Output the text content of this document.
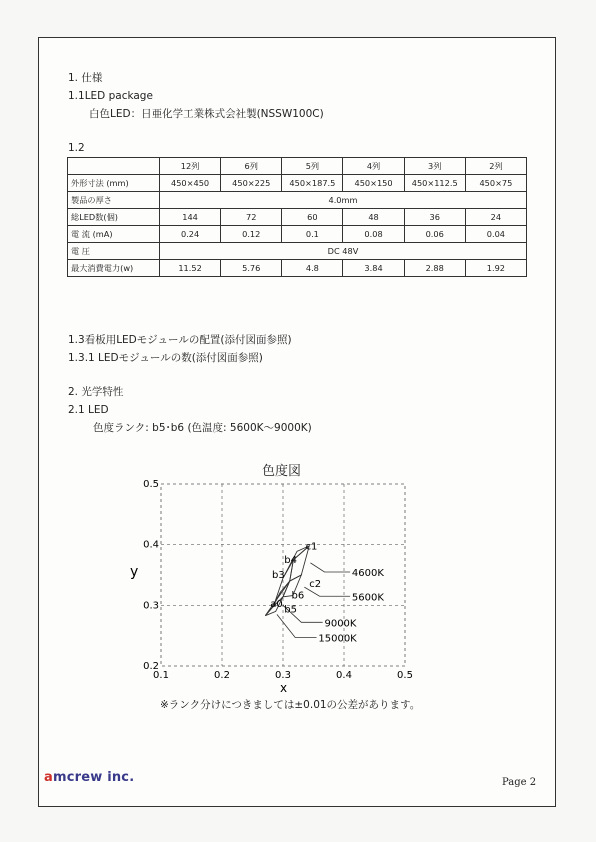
1. 仕様
1.1LED package
白色LED：日亜化学工業株式会社製(NSSW100C)
1.2
	12列	6列	5列	4列	3列	2列
外形寸法 (mm)	450×450	450×225	450×187.5	450×150	450×112.5	450×75
製品の厚さ	4.0mm					
総LED数(個)	144	72	60	48	36	24
電 流 (mA)	0.24	0.12	0.1	0.08	0.06	0.04
電 圧	DC 48V					
最大消費電力(w)	11.52	5.76	4.8	3.84	2.88	1.92
1.3看板用LEDモジュールの配置(添付図面参照)
1.3.1 LEDモジュールの数(添付図面参照)
2. 光学特性
2.1 LED
色度ランク: b5･b6 (色温度: 5600K～9000K)
色度図
0.1	0.2	0.3	0.4	0.5
0.2
0.3
0.4
0.5
c1
b4
b3
c2
b6
a0 b5
4600K
5600K
9000K
15000K
x
y
※ランク分けにつきましては±0.01の公差があります。
amcrew inc.	Page 2
